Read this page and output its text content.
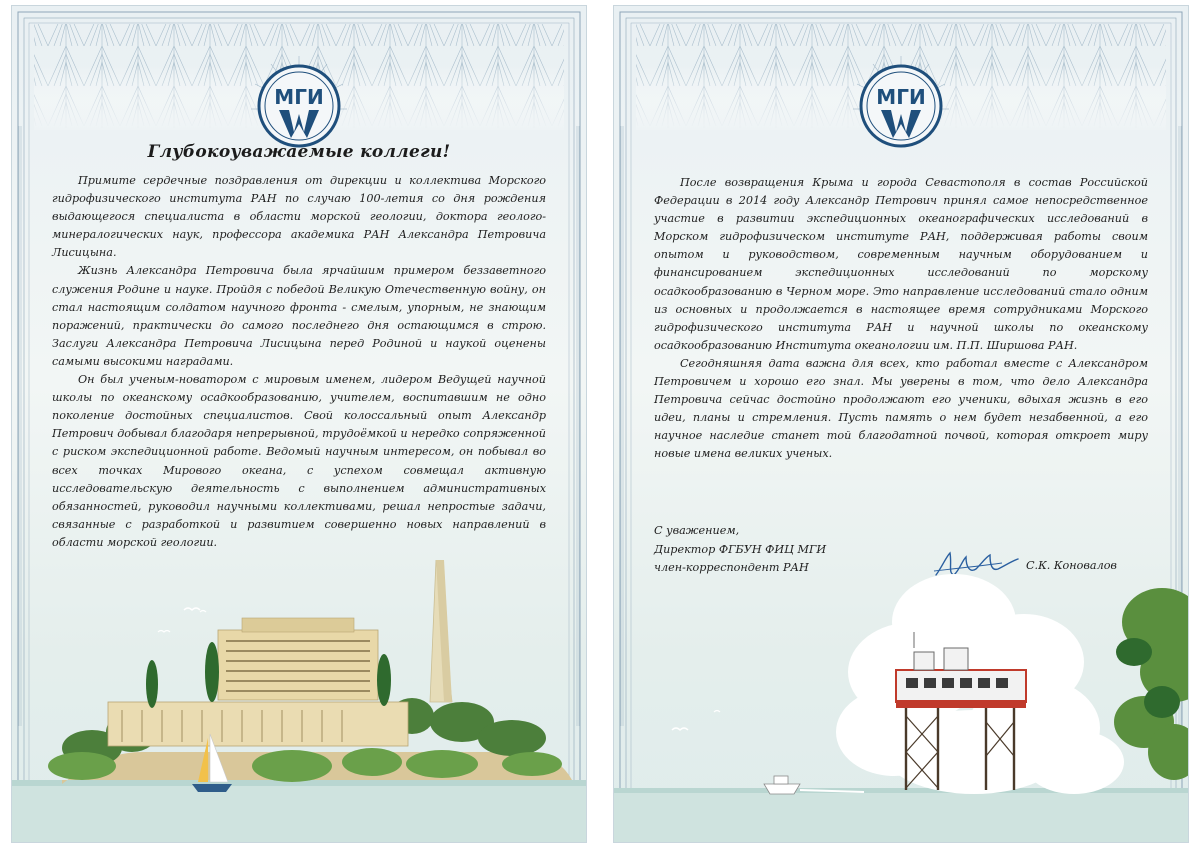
МГИ
Глубокоуважаемые коллеги!

Примите сердечные поздравления от дирекции и коллектива Морского гидрофизического института РАН по случаю 100-летия со дня рождения выдающегося специалиста в области морской геологии, доктора геолого-минералогических наук, профессора академика РАН Александра Петровича Лисицына.

Жизнь Александра Петровича была ярчайшим примером беззаветного служения Родине и науке. Пройдя с победой Великую Отечественную войну, он стал настоящим солдатом научного фронта - смелым, упорным, не знающим поражений, практически до самого последнего дня остающимся в строю. Заслуги Александра Петровича Лисицына перед Родиной и наукой оценены самыми высокими наградами.

Он был ученым-новатором с мировым именем, лидером Ведущей научной школы по океанскому осадкообразованию, учителем, воспитавшим не одно поколение достойных специалистов. Свой колоссальный опыт Александр Петрович добывал благодаря непрерывной, трудоёмкой и нередко сопряженной с риском экспедиционной работе. Ведомый научным интересом, он побывал во всех точках Мирового океана, с успехом совмещал активную исследовательскую деятельность с выполнением административных обязанностей, руководил научными коллективами, решал непростые задачи, связанные с разработкой и развитием совершенно новых направлений в области морской геологии.

МГИ

После возвращения Крыма и города Севастополя в состав Российской Федерации в 2014 году Александр Петрович принял самое непосредственное участие в развитии экспедиционных океанографических исследований в Морском гидрофизическом институте РАН, поддерживая работы своим опытом и руководством, современным научным оборудованием и финансированием экспедиционных исследований по морскому осадкообразованию в Черном море. Это направление исследований стало одним из основных и продолжается в настоящее время сотрудниками Морского гидрофизического института РАН и научной школы по океанскому осадкообразованию Института океанологии им. П.П. Ширшова РАН.

Сегодняшняя дата важна для всех, кто работал вместе с Александром Петровичем и хорошо его знал. Мы уверены в том, что дело Александра Петровича сейчас достойно продолжают его ученики, вдыхая жизнь в его идеи, планы и стремления. Пусть память о нем будет незабвенной, а его научное наследие станет той благодатной почвой, которая откроет миру новые имена великих ученых.

С уважением,
Директор ФГБУН ФИЦ МГИ
член-корреспондент РАН	С.К. Коновалов
